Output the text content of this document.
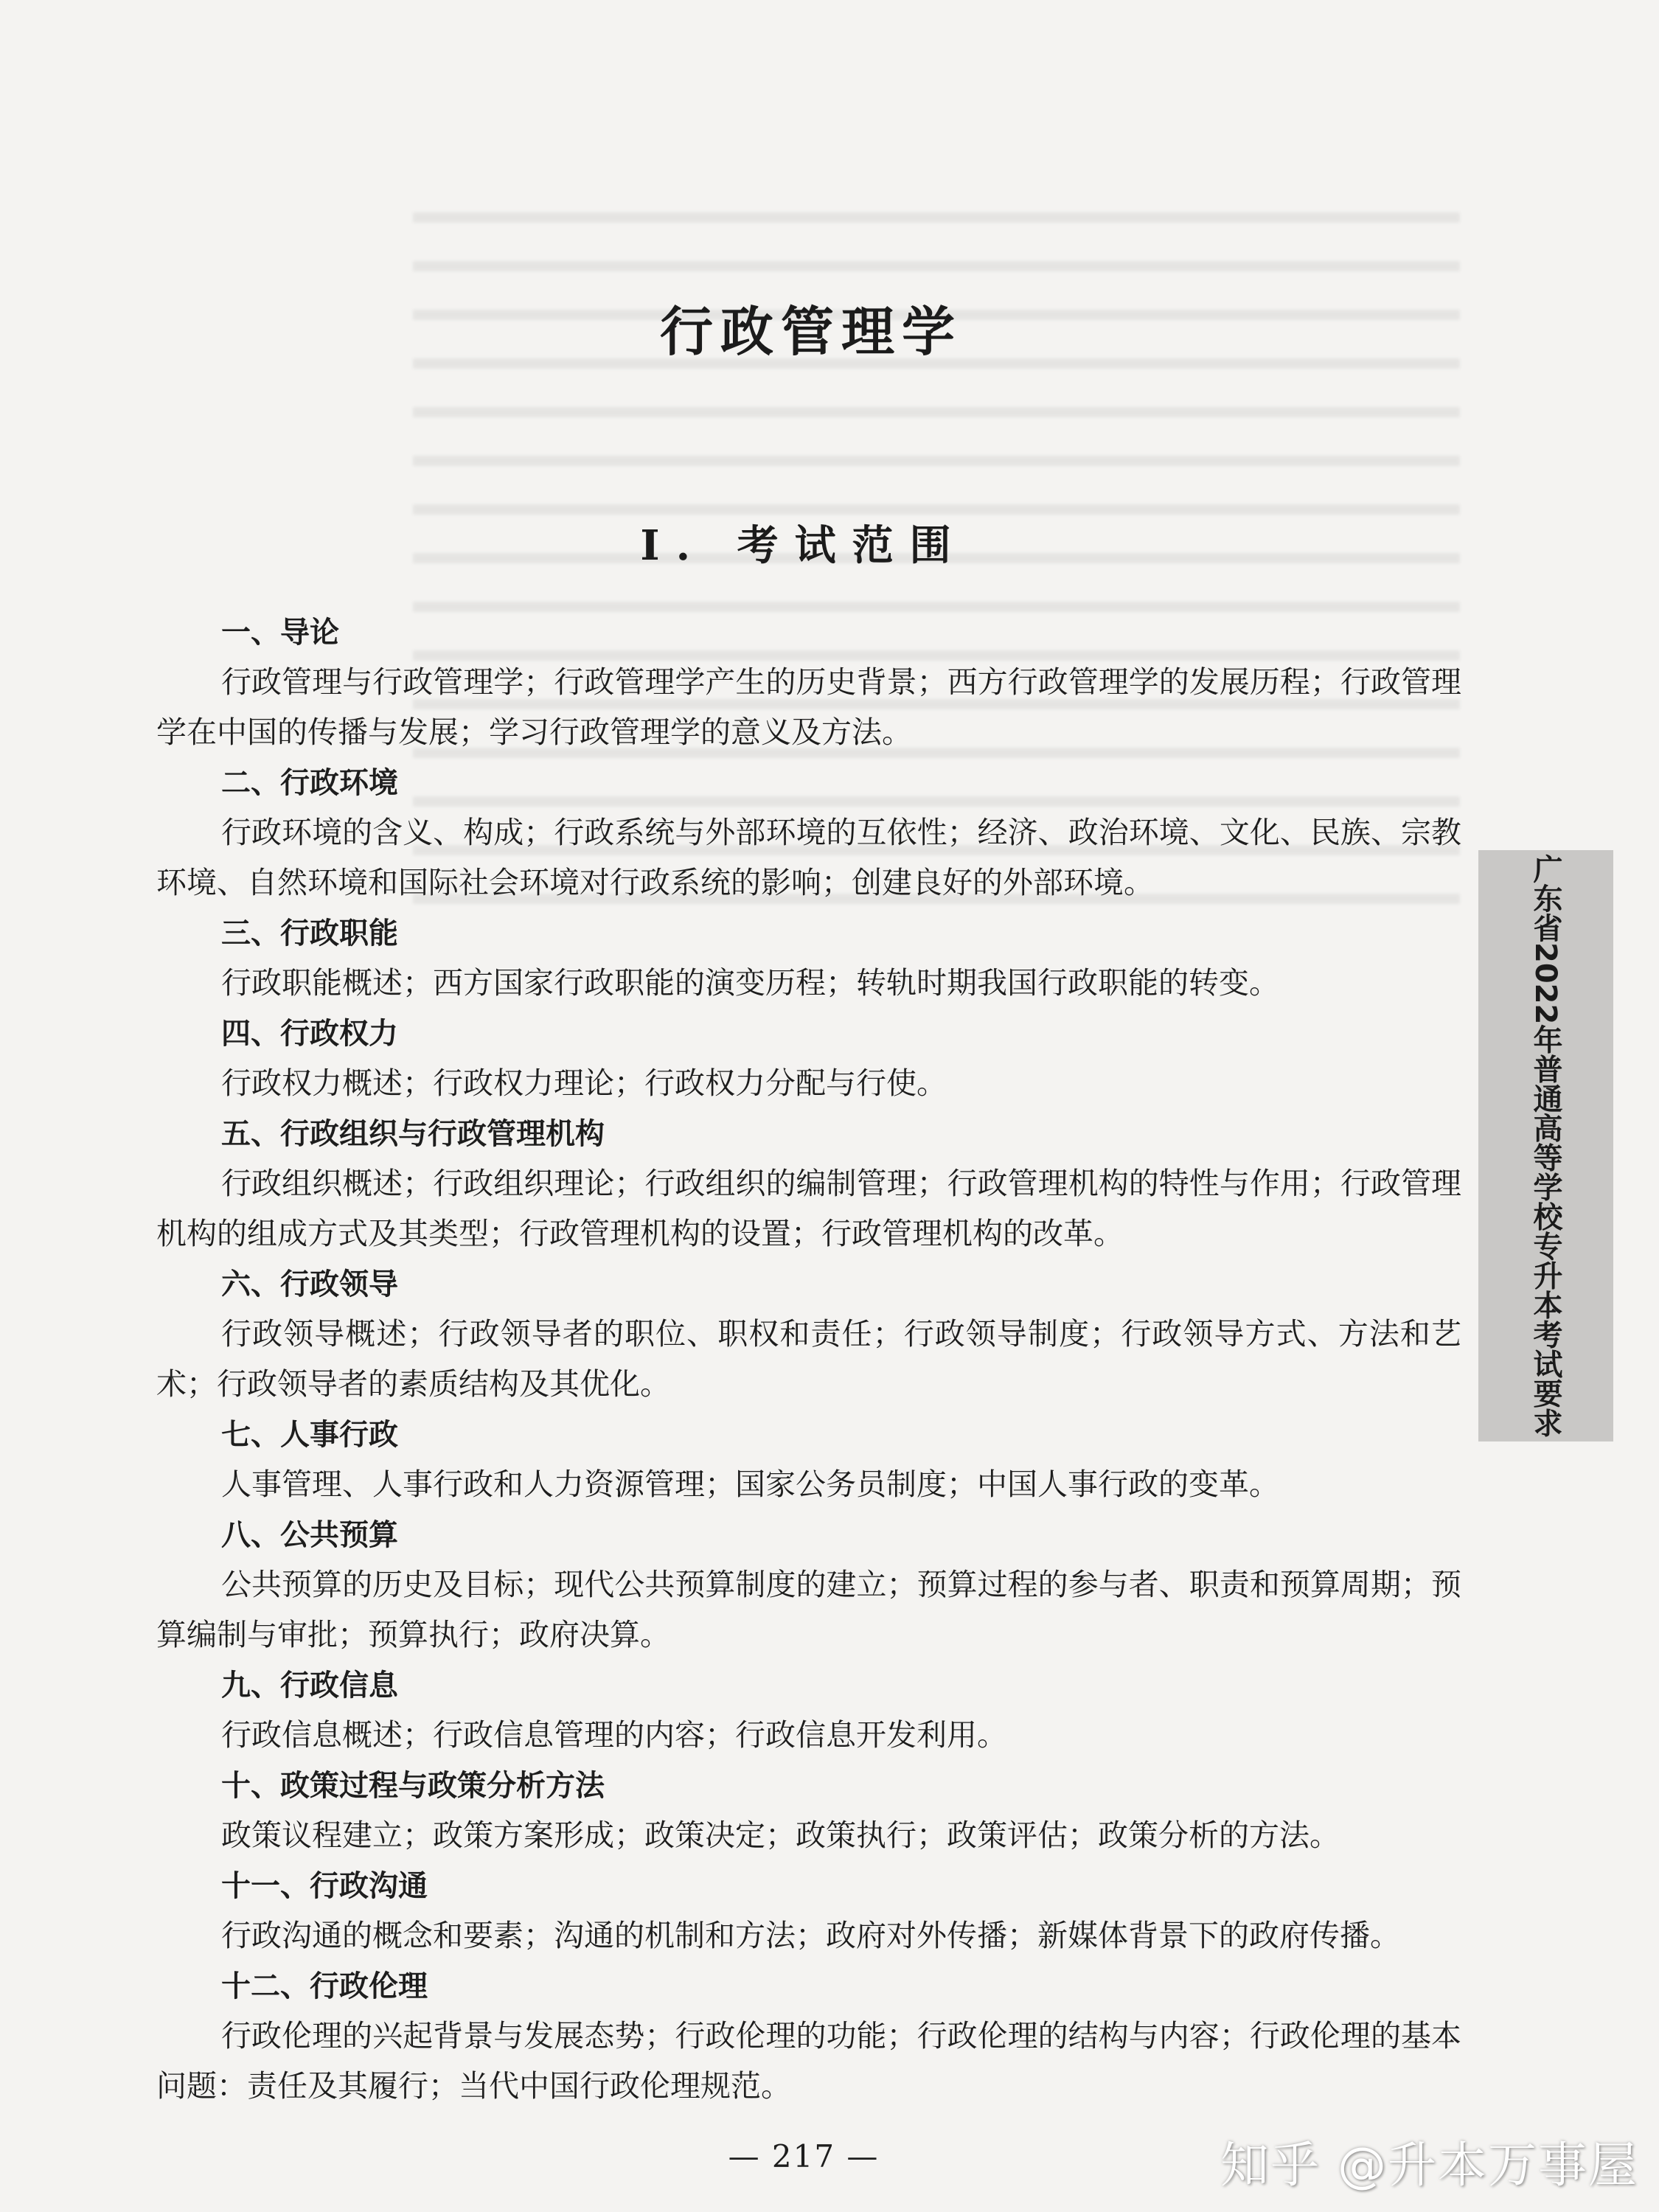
行政管理学
I. 考试范围
一、导论

行政管理与行政管理学；行政管理学产生的历史背景；西方行政管理学的发展历程；行政管理学在中国的传播与发展；学习行政管理学的意义及方法。

二、行政环境

行政环境的含义、构成；行政系统与外部环境的互依性；经济、政治环境、文化、民族、宗教环境、自然环境和国际社会环境对行政系统的影响；创建良好的外部环境。

三、行政职能

行政职能概述；西方国家行政职能的演变历程；转轨时期我国行政职能的转变。

四、行政权力

行政权力概述；行政权力理论；行政权力分配与行使。

五、行政组织与行政管理机构

行政组织概述；行政组织理论；行政组织的编制管理；行政管理机构的特性与作用；行政管理机构的组成方式及其类型；行政管理机构的设置；行政管理机构的改革。

六、行政领导

行政领导概述；行政领导者的职位、职权和责任；行政领导制度；行政领导方式、方法和艺术；行政领导者的素质结构及其优化。

七、人事行政

人事管理、人事行政和人力资源管理；国家公务员制度；中国人事行政的变革。

八、公共预算

公共预算的历史及目标；现代公共预算制度的建立；预算过程的参与者、职责和预算周期；预算编制与审批；预算执行；政府决算。

九、行政信息

行政信息概述；行政信息管理的内容；行政信息开发利用。

十、政策过程与政策分析方法

政策议程建立；政策方案形成；政策决定；政策执行；政策评估；政策分析的方法。

十一、行政沟通

行政沟通的概念和要素；沟通的机制和方法；政府对外传播；新媒体背景下的政府传播。

十二、行政伦理

行政伦理的兴起背景与发展态势；行政伦理的功能；行政伦理的结构与内容；行政伦理的基本问题：责任及其履行；当代中国行政伦理规范。

广东省2022年普通高等学校专升本考试要求
— 217 —	知乎 @升本万事屋
